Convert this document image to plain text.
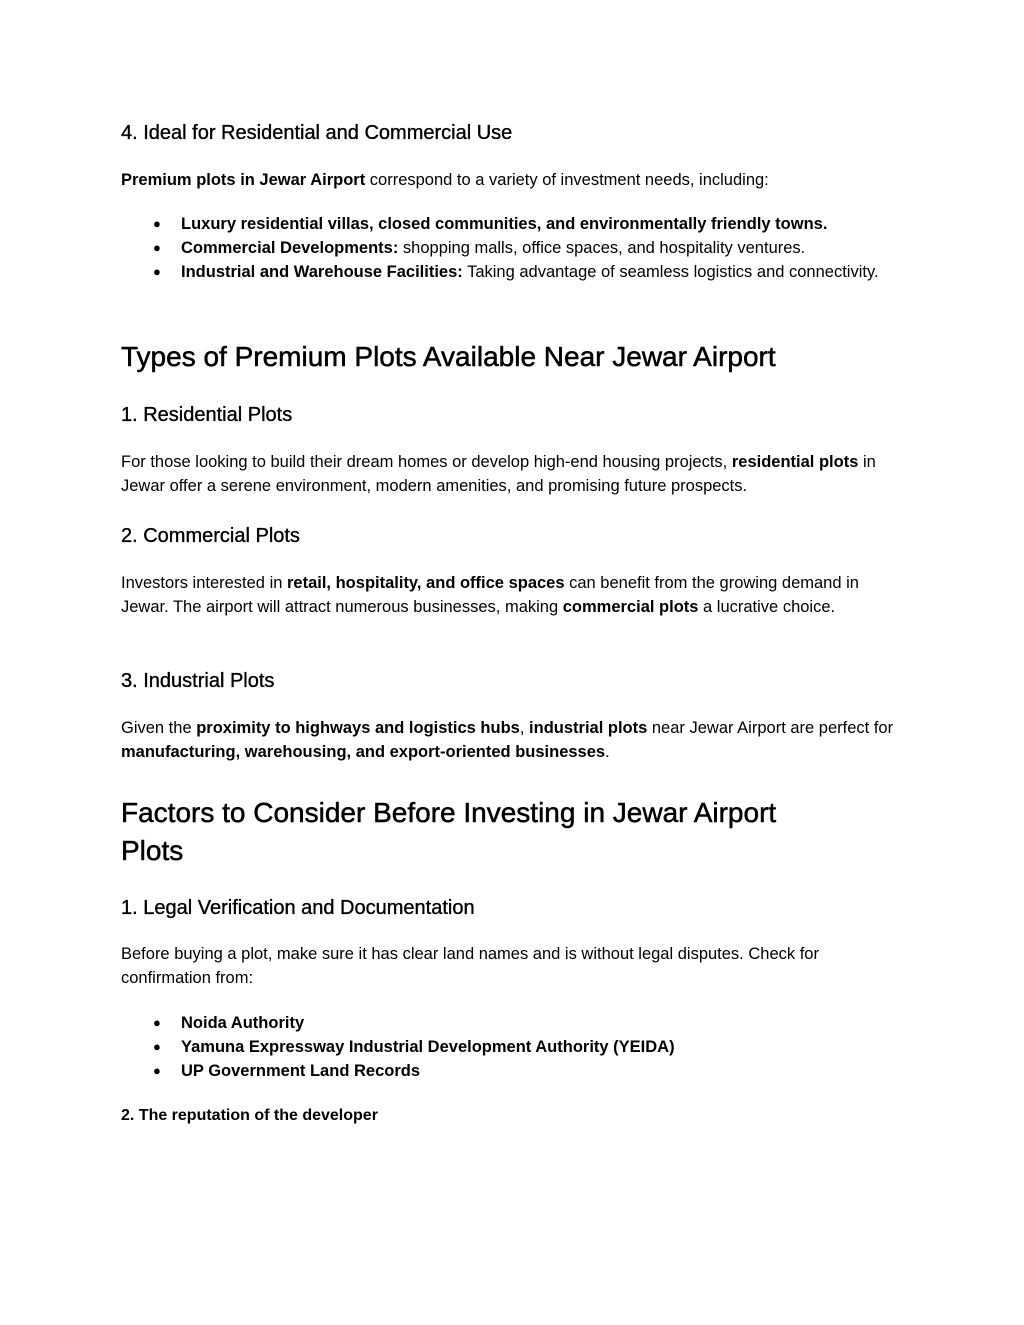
4. Ideal for Residential and Commercial Use

Premium plots in Jewar Airport correspond to a variety of investment needs, including:

● Luxury residential villas, closed communities, and environmentally friendly towns.
● Commercial Developments: shopping malls, office spaces, and hospitality ventures.
● Industrial and Warehouse Facilities: Taking advantage of seamless logistics and connectivity.
Types of Premium Plots Available Near Jewar Airport
1. Residential Plots

For those looking to build their dream homes or develop high-end housing projects, residential plots in Jewar offer a serene environment, modern amenities, and promising future prospects.

2. Commercial Plots

Investors interested in retail, hospitality, and office spaces can benefit from the growing demand in Jewar. The airport will attract numerous businesses, making commercial plots a lucrative choice.

3. Industrial Plots

Given the proximity to highways and logistics hubs, industrial plots near Jewar Airport are perfect for manufacturing, warehousing, and export-oriented businesses.

Factors to Consider Before Investing in Jewar Airport
Plots
1. Legal Verification and Documentation

Before buying a plot, make sure it has clear land names and is without legal disputes. Check for confirmation from:

● Noida Authority
● Yamuna Expressway Industrial Development Authority (YEIDA)
● UP Government Land Records
2. The reputation of the developer
